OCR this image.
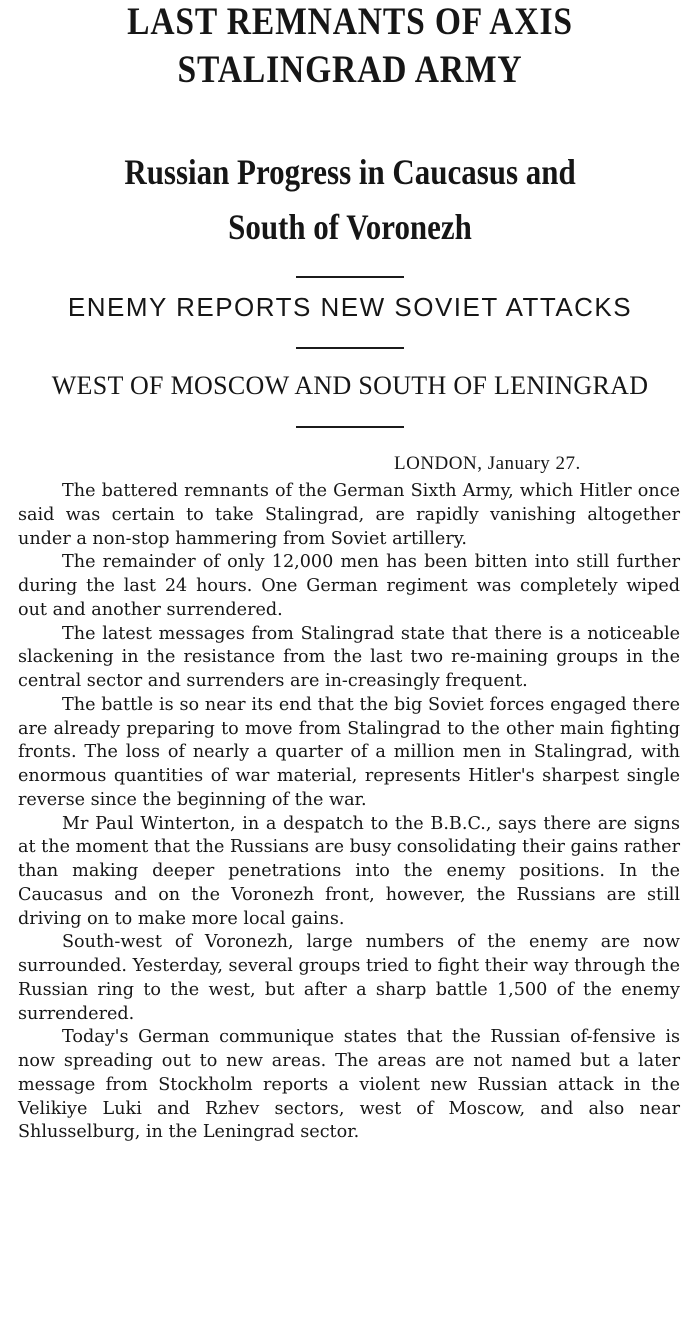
LAST REMNANTS OF AXIS
STALINGRAD ARMY
Russian Progress in Caucasus and
South of Voronezh
ENEMY REPORTS NEW SOVIET ATTACKS
WEST OF MOSCOW AND SOUTH OF LENINGRAD
LONDON, January 27.

The battered remnants of the German Sixth Army, which Hitler once said was certain to take Stalingrad, are rapidly vanishing altogether under a non-stop hammering from Soviet artillery.

The remainder of only 12,000 men has been bitten into still further during the last 24 hours. One German regiment was completely wiped out and another surrendered.

The latest messages from Stalingrad state that there is a noticeable slackening in the resistance from the last two re-maining groups in the central sector and surrenders are in-creasingly frequent.

The battle is so near its end that the big Soviet forces engaged there are already preparing to move from Stalingrad to the other main fighting fronts. The loss of nearly a quarter of a million men in Stalingrad, with enormous quantities of war material, represents Hitler's sharpest single reverse since the beginning of the war.

Mr Paul Winterton, in a despatch to the B.B.C., says there are signs at the moment that the Russians are busy consolidating their gains rather than making deeper penetrations into the enemy positions. In the Caucasus and on the Voronezh front, however, the Russians are still driving on to make more local gains.

South-west of Voronezh, large numbers of the enemy are now surrounded. Yesterday, several groups tried to fight their way through the Russian ring to the west, but after a sharp battle 1,500 of the enemy surrendered.

Today's German communique states that the Russian of-fensive is now spreading out to new areas. The areas are not named but a later message from Stockholm reports a violent new Russian attack in the Velikiye Luki and Rzhev sectors, west of Moscow, and also near Shlusselburg, in the Leningrad sector.
